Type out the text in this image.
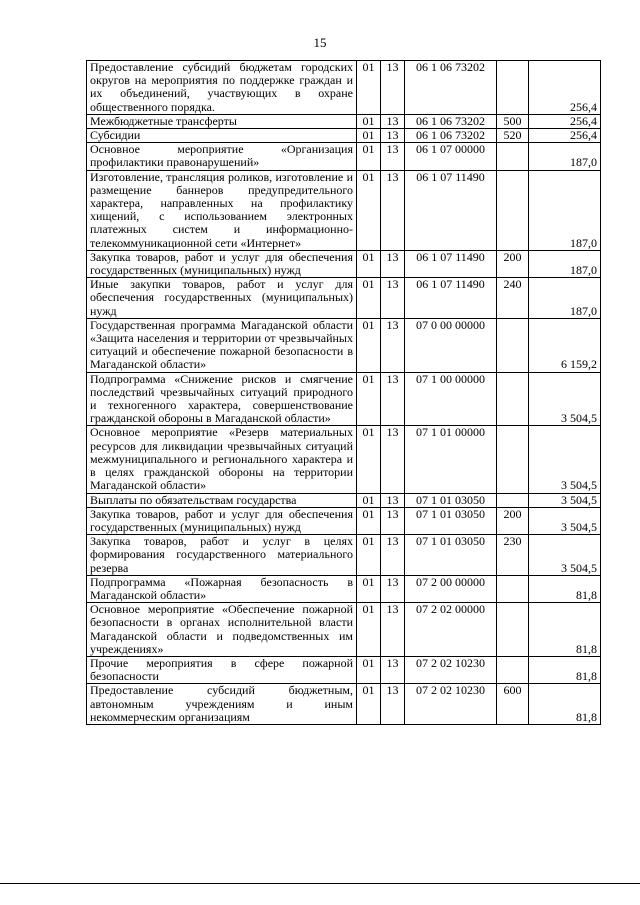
15
Предоставление субсидий бюджетам городских округов на мероприятия по поддержке граждан и их объединений, участвующих в охране общественного порядка.	01	13	06 1 06 73202		256,4
Межбюджетные трансферты	01	13	06 1 06 73202	500	256,4
Субсидии	01	13	06 1 06 73202	520	256,4
Основное мероприятие «Организация профилактики правонарушений»	01	13	06 1 07 00000		187,0
Изготовление, трансляция роликов, изготовление и размещение баннеров предупредительного характера, направленных на профилактику хищений, с использованием электронных платежных систем и информационно-телекоммуникационной сети «Интернет»	01	13	06 1 07 11490		187,0
Закупка товаров, работ и услуг для обеспечения государственных (муниципальных) нужд	01	13	06 1 07 11490	200	187,0
Иные закупки товаров, работ и услуг для обеспечения государственных (муниципальных) нужд	01	13	06 1 07 11490	240	187,0
Государственная программа Магаданской области «Защита населения и территории от чрезвычайных ситуаций и обеспечение пожарной безопасности в Магаданской области»	01	13	07 0 00 00000		6 159,2
Подпрограмма «Снижение рисков и смягчение последствий чрезвычайных ситуаций природного и техногенного характера, совершенствование гражданской обороны в Магаданской области»	01	13	07 1 00 00000		3 504,5
Основное мероприятие «Резерв материальных ресурсов для ликвидации чрезвычайных ситуаций межмуниципального и регионального характера и в целях гражданской обороны на территории Магаданской области»	01	13	07 1 01 00000		3 504,5
Выплаты по обязательствам государства	01	13	07 1 01 03050		3 504,5
Закупка товаров, работ и услуг для обеспечения государственных (муниципальных) нужд	01	13	07 1 01 03050	200	3 504,5
Закупка товаров, работ и услуг в целях формирования государственного материального резерва	01	13	07 1 01 03050	230	3 504,5
Подпрограмма «Пожарная безопасность в Магаданской области»	01	13	07 2 00 00000		81,8
Основное мероприятие «Обеспечение пожарной безопасности в органах исполнительной власти Магаданской области и подведомственных им учреждениях»	01	13	07 2 02 00000		81,8
Прочие мероприятия в сфере пожарной безопасности	01	13	07 2 02 10230		81,8
Предоставление субсидий бюджетным, автономным учреждениям и иным некоммерческим организациям	01	13	07 2 02 10230	600	81,8
